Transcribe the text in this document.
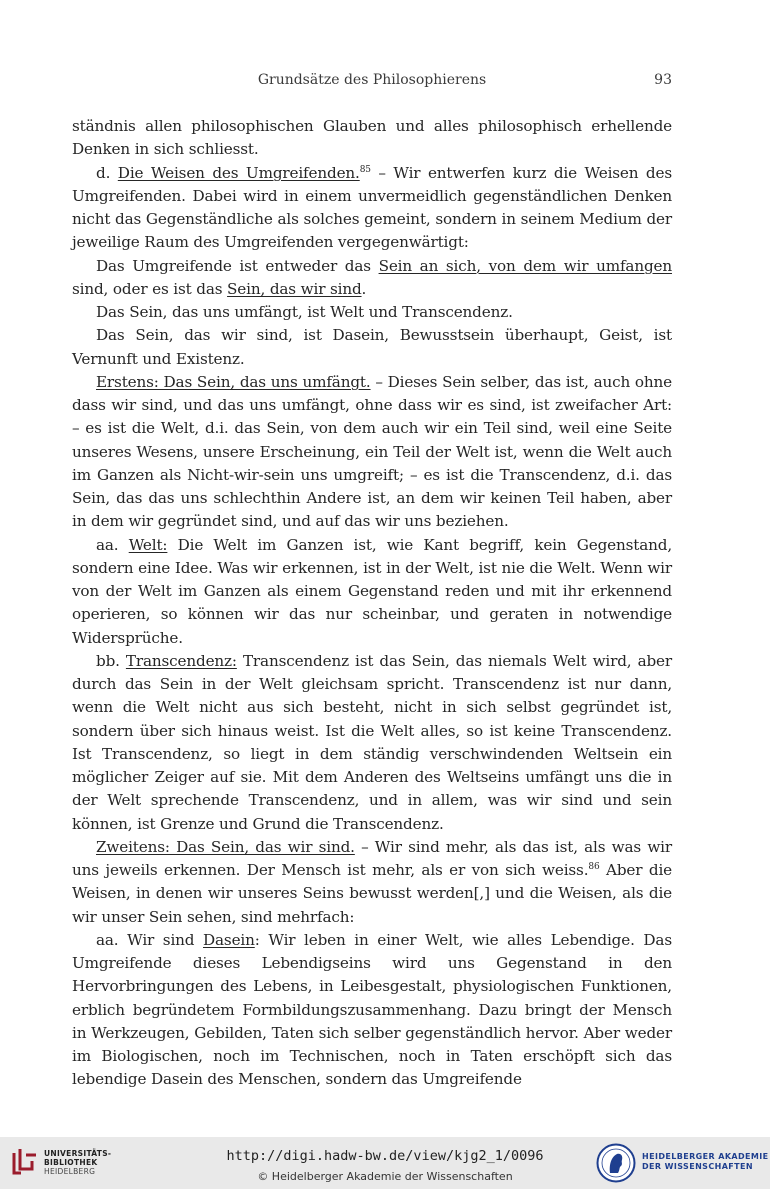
Grundsätze des Philosophierens	93

ständnis allen philosophischen Glauben und alles philosophisch erhellende Denken in sich schliesst.

d. Die Weisen des Umgreifenden.$^{85}$ – Wir entwerfen kurz die Weisen des Umgreifenden. Dabei wird in einem unvermeidlich gegenständlichen Denken nicht das Gegenständliche als solches gemeint, sondern in seinem Medium der jeweilige Raum des Umgreifenden vergegenwärtigt:

Das Umgreifende ist entweder das Sein an sich, von dem wir umfangen sind, oder es ist das Sein, das wir sind.

Das Sein, das uns umfängt, ist Welt und Transcendenz.

Das Sein, das wir sind, ist Dasein, Bewusstsein überhaupt, Geist, ist Vernunft und Existenz.

Erstens: Das Sein, das uns umfängt. – Dieses Sein selber, das ist, auch ohne dass wir sind, und das uns umfängt, ohne dass wir es sind, ist zweifacher Art: – es ist die Welt, d.i. das Sein, von dem auch wir ein Teil sind, weil eine Seite unseres Wesens, unsere Erscheinung, ein Teil der Welt ist, wenn die Welt auch im Ganzen als Nicht-wir-sein uns umgreift; – es ist die Transcendenz, d.i. das Sein, das das uns schlechthin Andere ist, an dem wir keinen Teil haben, aber in dem wir gegründet sind, und auf das wir uns beziehen.

aa. Welt: Die Welt im Ganzen ist, wie Kant begriff, kein Gegenstand, sondern eine Idee. Was wir erkennen, ist in der Welt, ist nie die Welt. Wenn wir von der Welt im Ganzen als einem Gegenstand reden und mit ihr erkennend operieren, so können wir das nur scheinbar, und geraten in notwendige Widersprüche.

bb. Transcendenz: Transcendenz ist das Sein, das niemals Welt wird, aber durch das Sein in der Welt gleichsam spricht. Transcendenz ist nur dann, wenn die Welt nicht aus sich besteht, nicht in sich selbst gegründet ist, sondern über sich hinaus weist. Ist die Welt alles, so ist keine Transcendenz. Ist Transcendenz, so liegt in dem ständig verschwindenden Weltsein ein möglicher Zeiger auf sie. Mit dem Anderen des Weltseins umfängt uns die in der Welt sprechende Transcendenz, und in allem, was wir sind und sein können, ist Grenze und Grund die Transcendenz.

Zweitens: Das Sein, das wir sind. – Wir sind mehr, als das ist, als was wir uns jeweils erkennen. Der Mensch ist mehr, als er von sich weiss.$^{86}$ Aber die Weisen, in denen wir unseres Seins bewusst werden[,] und die Weisen, als die wir unser Sein sehen, sind mehrfach:

aa. Wir sind Dasein: Wir leben in einer Welt, wie alles Lebendige. Das Umgreifende dieses Lebendigseins wird uns Gegenstand in den Hervorbringungen des Lebens, in Leibesgestalt, physiologischen Funktionen, erblich begründetem Formbildungszusammenhang. Dazu bringt der Mensch in Werkzeugen, Gebilden, Taten sich selber gegenständlich hervor. Aber weder im Biologischen, noch im Technischen, noch in Taten erschöpft sich das lebendige Dasein des Menschen, sondern das Umgreifende

UNIVERSITÄTS-
BIBLIOTHEK
HEIDELBERG
http://digi.hadw-bw.de/view/kjg2_1/0096
© Heidelberger Akademie der Wissenschaften
HEIDELBERGER AKADEMIE
DER WISSENSCHAFTEN
